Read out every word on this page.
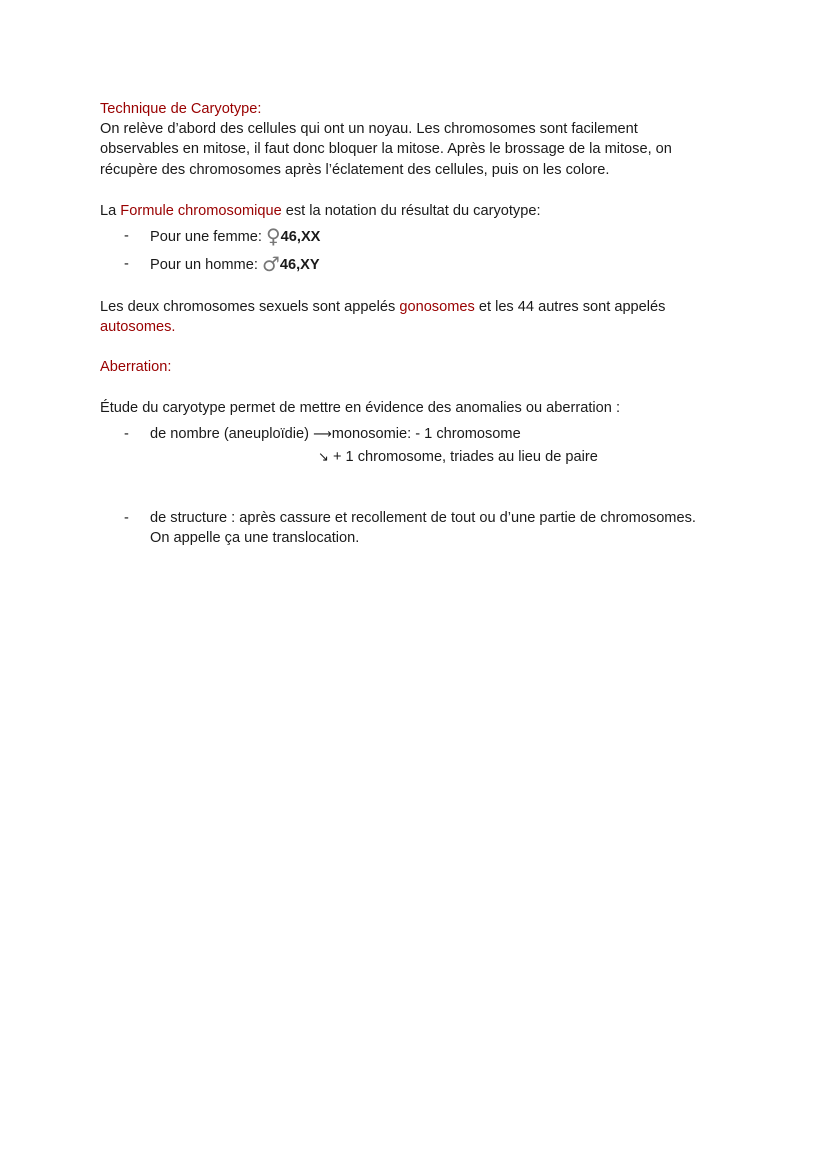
Technique de Caryotype:
On relève d’abord des cellules qui ont un noyau. Les chromosomes sont facilement
observables en mitose, il faut donc bloquer la mitose. Après le brossage de la mitose, on
récupère des chromosomes après l’éclatement des cellules, puis on les colore.
La Formule chromosomique est la notation du résultat du caryotype:
- Pour une femme: ♀46,XX
- Pour un homme: ♂46,XY
Les deux chromosomes sexuels sont appelés gonosomes et les 44 autres sont appelés
autosomes.
Aberration:
Étude du caryotype permet de mettre en évidence des anomalies ou aberration :
- de nombre (aneuploïdie) ⟶monosomie: - 1 chromosome
↘ + 1 chromosome, triades au lieu de paire
- de structure : après cassure et recollement de tout ou d’une partie de chromosomes.
On appelle ça une translocation.
